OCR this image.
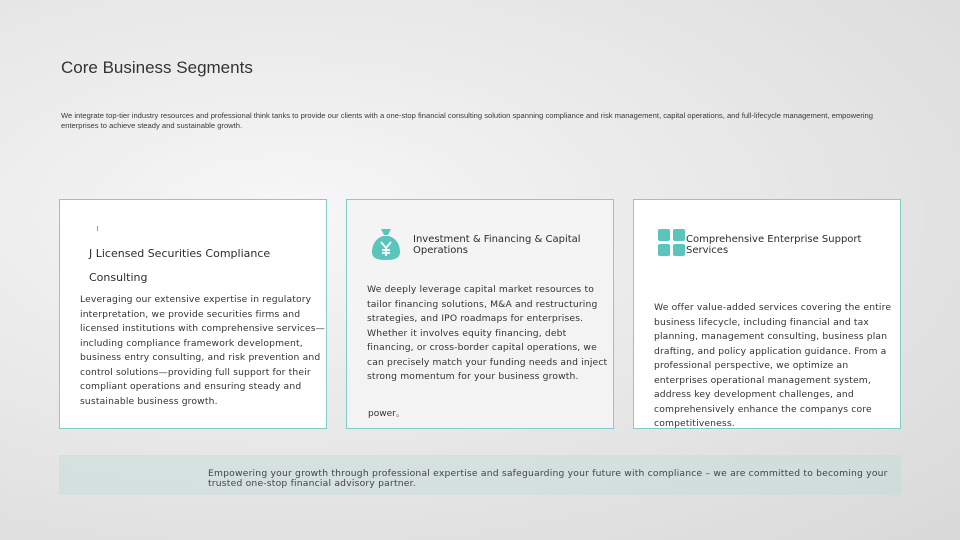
Core Business Segments
We integrate top-tier industry resources and professional think tanks to provide our clients with a one-stop financial consulting solution spanning compliance and risk management, capital operations, and full-lifecycle management, empowering enterprises to achieve steady and sustainable growth.
J Licensed Securities Compliance Consulting
Leveraging our extensive expertise in regulatory interpretation, we provide securities firms and licensed institutions with comprehensive services—including compliance framework development, business entry consulting, and risk prevention and control solutions—providing full support for their compliant operations and ensuring steady and sustainable business growth.
Investment & Financing & Capital Operations
We deeply leverage capital market resources to tailor financing solutions, M&A and restructuring strategies, and IPO roadmaps for enterprises. Whether it involves equity financing, debt financing, or cross-border capital operations, we can precisely match your funding needs and inject strong momentum for your business growth.
power。
Comprehensive Enterprise Support Services
We offer value-added services covering the entire business lifecycle, including financial and tax planning, management consulting, business plan drafting, and policy application guidance. From a professional perspective, we optimize an enterprises operational management system, address key development challenges, and comprehensively enhance the companys core competitiveness.
Empowering your growth through professional expertise and safeguarding your future with compliance – we are committed to becoming your trusted one-stop financial advisory partner.
